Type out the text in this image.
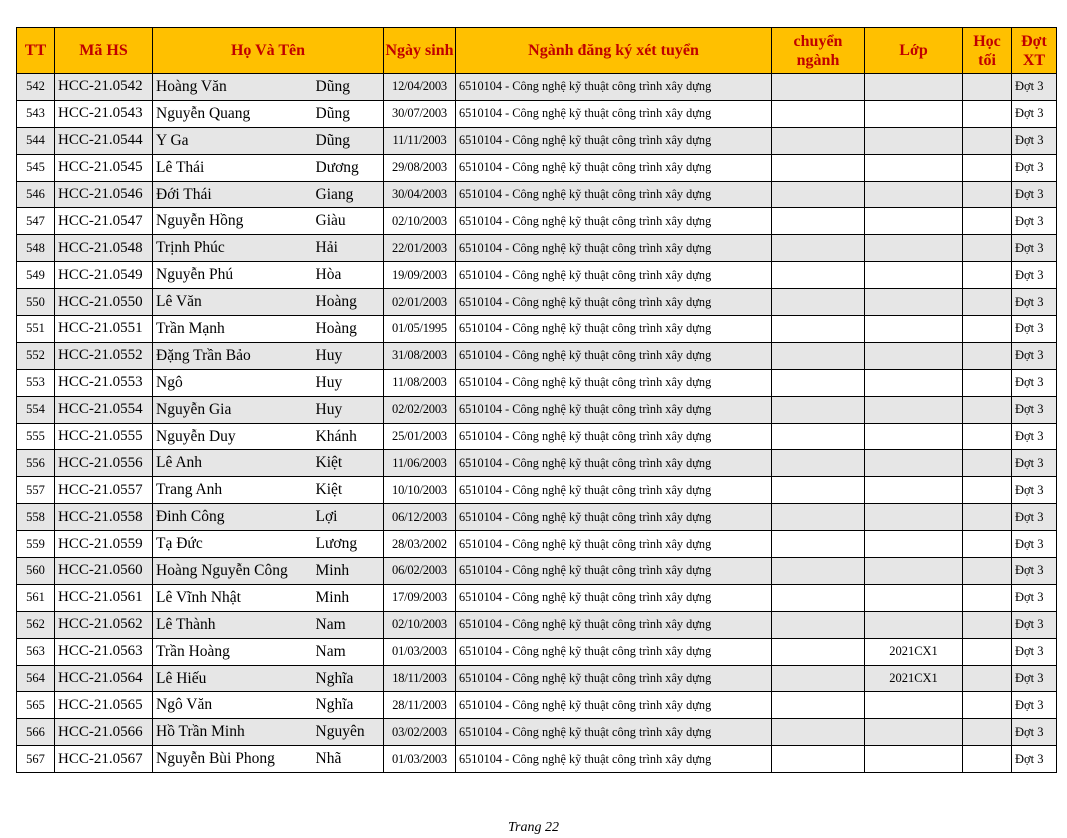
TT	Mã HS	Họ Và Tên		Ngày sinh	Ngành đăng ký xét tuyển	chuyển ngành	Lớp	Học tối	Đợt XT
542	HCC-21.0542	Hoàng Văn	Dũng	12/04/2003	6510104 - Công nghệ kỹ thuật công trình xây dựng				Đợt 3
543	HCC-21.0543	Nguyễn Quang	Dũng	30/07/2003	6510104 - Công nghệ kỹ thuật công trình xây dựng				Đợt 3
544	HCC-21.0544	Y Ga	Dũng	11/11/2003	6510104 - Công nghệ kỹ thuật công trình xây dựng				Đợt 3
545	HCC-21.0545	Lê Thái	Dương	29/08/2003	6510104 - Công nghệ kỹ thuật công trình xây dựng				Đợt 3
546	HCC-21.0546	Đới Thái	Giang	30/04/2003	6510104 - Công nghệ kỹ thuật công trình xây dựng				Đợt 3
547	HCC-21.0547	Nguyễn Hồng	Giàu	02/10/2003	6510104 - Công nghệ kỹ thuật công trình xây dựng				Đợt 3
548	HCC-21.0548	Trịnh Phúc	Hải	22/01/2003	6510104 - Công nghệ kỹ thuật công trình xây dựng				Đợt 3
549	HCC-21.0549	Nguyễn Phú	Hòa	19/09/2003	6510104 - Công nghệ kỹ thuật công trình xây dựng				Đợt 3
550	HCC-21.0550	Lê Văn	Hoàng	02/01/2003	6510104 - Công nghệ kỹ thuật công trình xây dựng				Đợt 3
551	HCC-21.0551	Trần Mạnh	Hoàng	01/05/1995	6510104 - Công nghệ kỹ thuật công trình xây dựng				Đợt 3
552	HCC-21.0552	Đặng Trần Bảo	Huy	31/08/2003	6510104 - Công nghệ kỹ thuật công trình xây dựng				Đợt 3
553	HCC-21.0553	Ngô	Huy	11/08/2003	6510104 - Công nghệ kỹ thuật công trình xây dựng				Đợt 3
554	HCC-21.0554	Nguyễn Gia	Huy	02/02/2003	6510104 - Công nghệ kỹ thuật công trình xây dựng				Đợt 3
555	HCC-21.0555	Nguyễn Duy	Khánh	25/01/2003	6510104 - Công nghệ kỹ thuật công trình xây dựng				Đợt 3
556	HCC-21.0556	Lê Anh	Kiệt	11/06/2003	6510104 - Công nghệ kỹ thuật công trình xây dựng				Đợt 3
557	HCC-21.0557	Trang Anh	Kiệt	10/10/2003	6510104 - Công nghệ kỹ thuật công trình xây dựng				Đợt 3
558	HCC-21.0558	Đinh Công	Lợi	06/12/2003	6510104 - Công nghệ kỹ thuật công trình xây dựng				Đợt 3
559	HCC-21.0559	Tạ Đức	Lương	28/03/2002	6510104 - Công nghệ kỹ thuật công trình xây dựng				Đợt 3
560	HCC-21.0560	Hoàng Nguyễn Công	Minh	06/02/2003	6510104 - Công nghệ kỹ thuật công trình xây dựng				Đợt 3
561	HCC-21.0561	Lê Vĩnh Nhật	Minh	17/09/2003	6510104 - Công nghệ kỹ thuật công trình xây dựng				Đợt 3
562	HCC-21.0562	Lê Thành	Nam	02/10/2003	6510104 - Công nghệ kỹ thuật công trình xây dựng				Đợt 3
563	HCC-21.0563	Trần Hoàng	Nam	01/03/2003	6510104 - Công nghệ kỹ thuật công trình xây dựng		2021CX1		Đợt 3
564	HCC-21.0564	Lê Hiếu	Nghĩa	18/11/2003	6510104 - Công nghệ kỹ thuật công trình xây dựng		2021CX1		Đợt 3
565	HCC-21.0565	Ngô Văn	Nghĩa	28/11/2003	6510104 - Công nghệ kỹ thuật công trình xây dựng				Đợt 3
566	HCC-21.0566	Hồ Trần Minh	Nguyên	03/02/2003	6510104 - Công nghệ kỹ thuật công trình xây dựng				Đợt 3
567	HCC-21.0567	Nguyễn Bùi Phong	Nhã	01/03/2003	6510104 - Công nghệ kỹ thuật công trình xây dựng				Đợt 3
Trang 22
